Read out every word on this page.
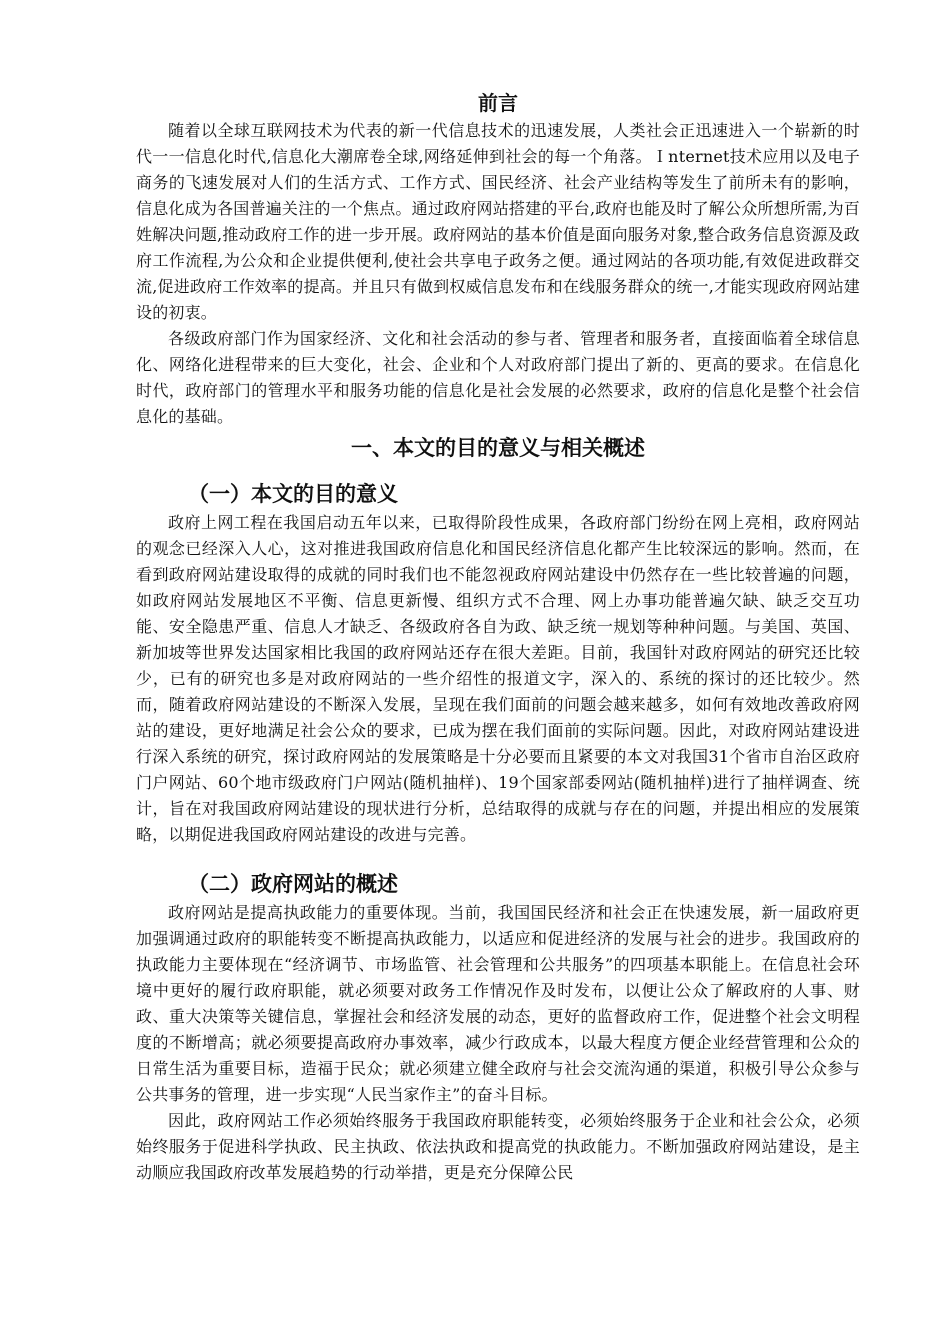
前言

随着以全球互联网技术为代表的新一代信息技术的迅速发展，人类社会正迅速进入一个崭新的时代一一信息化时代,信息化大潮席卷全球,网络延伸到社会的每一个角落。Ｉnternet技术应用以及电子商务的飞速发展对人们的生活方式、工作方式、国民经济、社会产业结构等发生了前所未有的影响，信息化成为各国普遍关注的一个焦点。通过政府网站搭建的平台,政府也能及时了解公众所想所需,为百姓解决问题,推动政府工作的进一步开展。政府网站的基本价值是面向服务对象,整合政务信息资源及政府工作流程,为公众和企业提供便利,使社会共享电子政务之便。通过网站的各项功能,有效促进政群交流,促进政府工作效率的提高。并且只有做到权威信息发布和在线服务群众的统一,才能实现政府网站建设的初衷。

各级政府部门作为国家经济、文化和社会活动的参与者、管理者和服务者，直接面临着全球信息化、网络化进程带来的巨大变化，社会、企业和个人对政府部门提出了新的、更高的要求。在信息化时代，政府部门的管理水平和服务功能的信息化是社会发展的必然要求，政府的信息化是整个社会信息化的基础。

一、本文的目的意义与相关概述
（一）本文的目的意义

政府上网工程在我国启动五年以来，已取得阶段性成果，各政府部门纷纷在网上亮相，政府网站的观念已经深入人心，这对推进我国政府信息化和国民经济信息化都产生比较深远的影响。然而，在看到政府网站建设取得的成就的同时我们也不能忽视政府网站建设中仍然存在一些比较普遍的问题，如政府网站发展地区不平衡、信息更新慢、组织方式不合理、网上办事功能普遍欠缺、缺乏交互功能、安全隐患严重、信息人才缺乏、各级政府各自为政、缺乏统一规划等种种问题。与美国、英国、新加坡等世界发达国家相比我国的政府网站还存在很大差距。目前，我国针对政府网站的研究还比较少，已有的研究也多是对政府网站的一些介绍性的报道文字，深入的、系统的探讨的还比较少。然而，随着政府网站建设的不断深入发展，呈现在我们面前的问题会越来越多，如何有效地改善政府网站的建设，更好地满足社会公众的要求，已成为摆在我们面前的实际问题。因此，对政府网站建设进行深入系统的研究，探讨政府网站的发展策略是十分必要而且紧要的本文对我国31个省市自治区政府门户网站、60个地市级政府门户网站(随机抽样)、19个国家部委网站(随机抽样)进行了抽样调查、统计，旨在对我国政府网站建设的现状进行分析，总结取得的成就与存在的问题，并提出相应的发展策略，以期促进我国政府网站建设的改进与完善。

（二）政府网站的概述

政府网站是提高执政能力的重要体现。当前，我国国民经济和社会正在快速发展，新一届政府更加强调通过政府的职能转变不断提高执政能力，以适应和促进经济的发展与社会的进步。我国政府的执政能力主要体现在“经济调节、市场监管、社会管理和公共服务”的四项基本职能上。在信息社会环境中更好的履行政府职能，就必须要对政务工作情况作及时发布，以便让公众了解政府的人事、财政、重大决策等关键信息，掌握社会和经济发展的动态，更好的监督政府工作，促进整个社会文明程度的不断增高；就必须要提高政府办事效率，减少行政成本，以最大程度方便企业经营管理和公众的日常生活为重要目标，造福于民众；就必须建立健全政府与社会交流沟通的渠道，积极引导公众参与公共事务的管理，进一步实现“人民当家作主”的奋斗目标。

因此，政府网站工作必须始终服务于我国政府职能转变，必须始终服务于企业和社会公众，必须始终服务于促进科学执政、民主执政、依法执政和提高党的执政能力。不断加强政府网站建设，是主动顺应我国政府改革发展趋势的行动举措，更是充分保障公民
